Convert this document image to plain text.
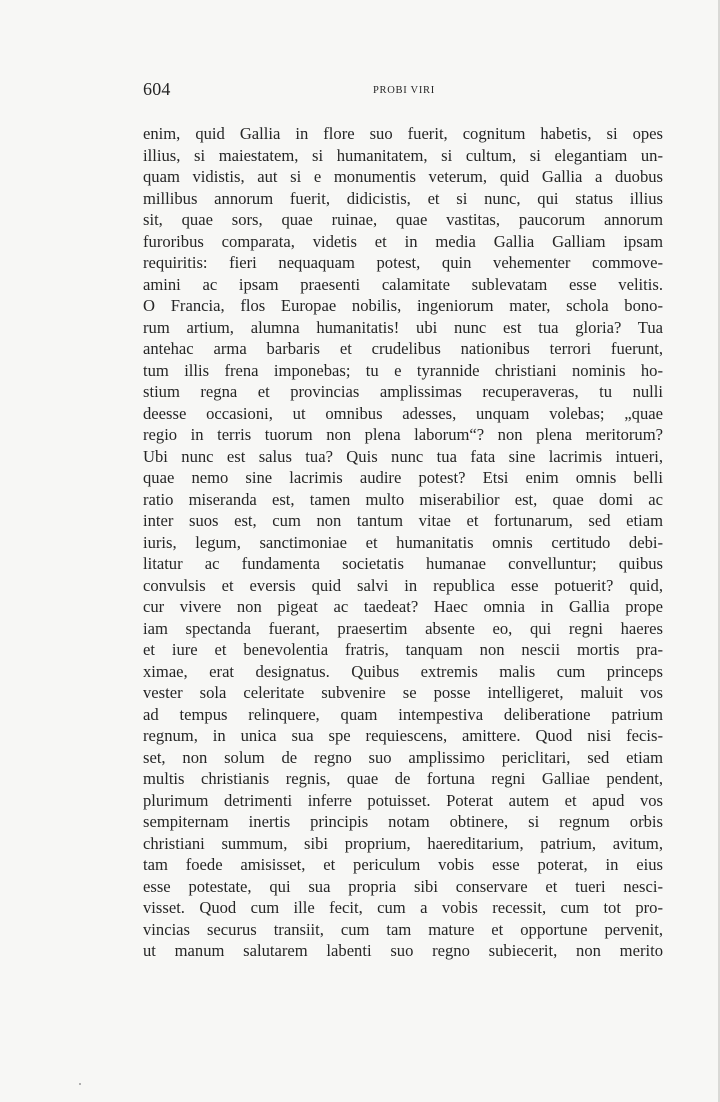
604	PROBI VIRI
enim, quid Gallia in flore suo fuerit, cognitum habetis, si opes
illius, si maiestatem, si humanitatem, si cultum, si elegantiam un-
quam vidistis, aut si e monumentis veterum, quid Gallia a duobus
millibus annorum fuerit, didicistis, et si nunc, qui status illius
sit, quae sors, quae ruinae, quae vastitas, paucorum annorum
furoribus comparata, videtis et in media Gallia Galliam ipsam
requiritis: fieri nequaquam potest, quin vehementer commove-
amini ac ipsam praesenti calamitate sublevatam esse velitis.
O Francia, flos Europae nobilis, ingeniorum mater, schola bono-
rum artium, alumna humanitatis! ubi nunc est tua gloria? Tua
antehac arma barbaris et crudelibus nationibus terrori fuerunt,
tum illis frena imponebas; tu e tyrannide christiani nominis ho-
stium regna et provincias amplissimas recuperaveras, tu nulli
deesse occasioni, ut omnibus adesses, unquam volebas; „quae
regio in terris tuorum non plena laborum“? non plena meritorum?
Ubi nunc est salus tua? Quis nunc tua fata sine lacrimis intueri,
quae nemo sine lacrimis audire potest? Etsi enim omnis belli
ratio miseranda est, tamen multo miserabilior est, quae domi ac
inter suos est, cum non tantum vitae et fortunarum, sed etiam
iuris, legum, sanctimoniae et humanitatis omnis certitudo debi-
litatur ac fundamenta societatis humanae convelluntur; quibus
convulsis et eversis quid salvi in republica esse potuerit? quid,
cur vivere non pigeat ac taedeat? Haec omnia in Gallia prope
iam spectanda fuerant, praesertim absente eo, qui regni haeres
et iure et benevolentia fratris, tanquam non nescii mortis pra-
ximae, erat designatus. Quibus extremis malis cum princeps
vester sola celeritate subvenire se posse intelligeret, maluit vos
ad tempus relinquere, quam intempestiva deliberatione patrium
regnum, in unica sua spe requiescens, amittere. Quod nisi fecis-
set, non solum de regno suo amplissimo periclitari, sed etiam
multis christianis regnis, quae de fortuna regni Galliae pendent,
plurimum detrimenti inferre potuisset. Poterat autem et apud vos
sempiternam inertis principis notam obtinere, si regnum orbis
christiani summum, sibi proprium, haereditarium, patrium, avitum,
tam foede amisisset, et periculum vobis esse poterat, in eius
esse potestate, qui sua propria sibi conservare et tueri nesci-
visset. Quod cum ille fecit, cum a vobis recessit, cum tot pro-
vincias securus transiit, cum tam mature et opportune pervenit,
ut manum salutarem labenti suo regno subiecerit, non merito
